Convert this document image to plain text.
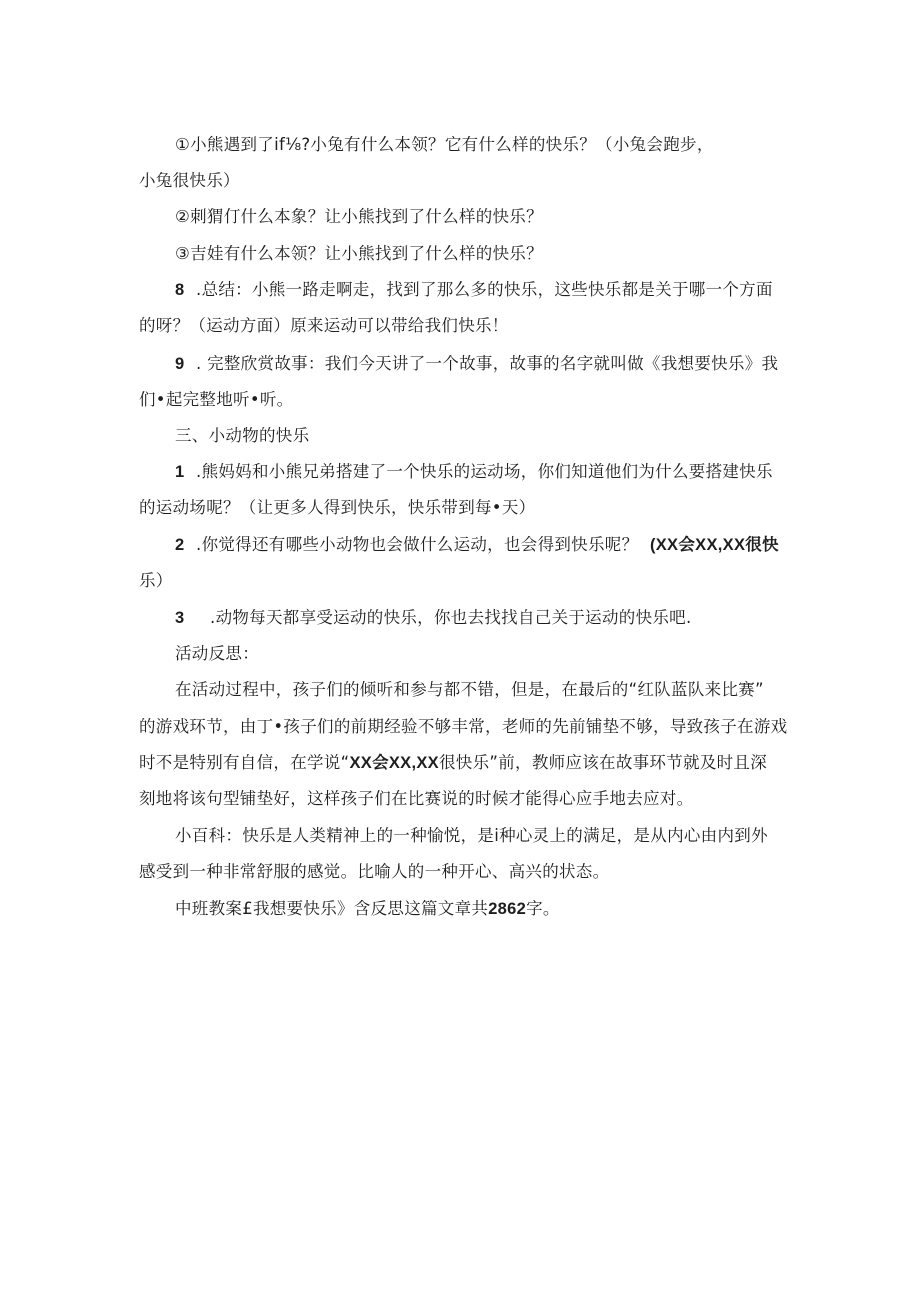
①小熊遇到了if⅛?小兔有什么本领？它有什么样的快乐？（小兔会跑步，
小兔很快乐）
②刺猬仃什么本象？让小熊找到了什么样的快乐？
③吉娃有什么本领？让小熊找到了什么样的快乐？
8 .总结：小熊一路走啊走，找到了那么多的快乐，这些快乐都是关于哪一个方面
的呀？（运动方面）原来运动可以带给我们快乐！
9 . 完整欣赏故事：我们今天讲了一个故事，故事的名字就叫做《我想要快乐》我
们•起完整地听•听。
三、小动物的快乐
1 .熊妈妈和小熊兄弟搭建了一个快乐的运动场，你们知道他们为什么要搭建快乐
的运动场呢？（让更多人得到快乐，快乐带到每•天）
2 .你觉得还有哪些小动物也会做什么运动，也会得到快乐呢？ (XX会XX,XX很快
乐）
3 .动物每天都享受运动的快乐，你也去找找自己关于运动的快乐吧.
活动反思：
在活动过程中，孩子们的倾听和参与都不错，但是，在最后的“红队蓝队来比赛”
的游戏环节，由丁•孩子们的前期经验不够丰常，老师的先前铺垫不够，导致孩子在游戏
时不是特别有自信，在学说“XX会XX,XX很快乐”前，教师应该在故事环节就及时且深
刻地将该句型铺垫好，这样孩子们在比赛说的时候才能得心应手地去应对。
小百科：快乐是人类精神上的一种愉悦，是i种心灵上的满足，是从内心由内到外
感受到一种非常舒服的感觉。比喻人的一种开心、高兴的状态。
中班教案£我想要快乐》含反思这篇文章共2862字。
